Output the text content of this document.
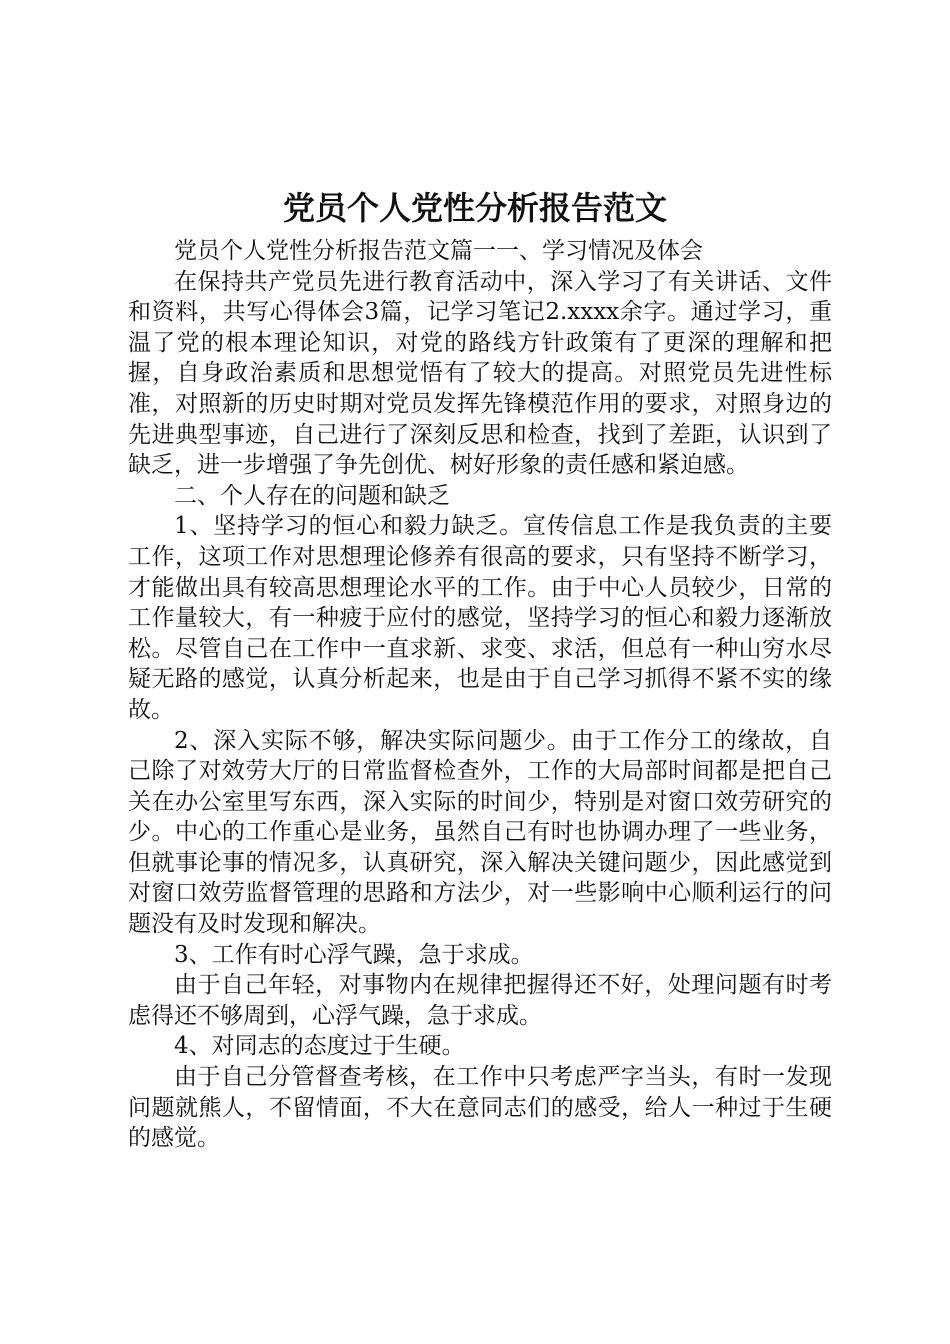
党员个人党性分析报告范文

党员个人党性分析报告范文篇一一、学习情况及体会

在保持共产党员先进行教育活动中，深入学习了有关讲话、文件和资料，共写心得体会3篇，记学习笔记2.xxxx余字。通过学习，重温了党的根本理论知识，对党的路线方针政策有了更深的理解和把握，自身政治素质和思想觉悟有了较大的提高。对照党员先进性标准，对照新的历史时期对党员发挥先锋模范作用的要求，对照身边的先进典型事迹，自己进行了深刻反思和检查，找到了差距，认识到了缺乏，进一步增强了争先创优、树好形象的责任感和紧迫感。

二、个人存在的问题和缺乏

1、坚持学习的恒心和毅力缺乏。宣传信息工作是我负责的主要工作，这项工作对思想理论修养有很高的要求，只有坚持不断学习，才能做出具有较高思想理论水平的工作。由于中心人员较少，日常的工作量较大，有一种疲于应付的感觉，坚持学习的恒心和毅力逐渐放松。尽管自己在工作中一直求新、求变、求活，但总有一种山穷水尽疑无路的感觉，认真分析起来，也是由于自己学习抓得不紧不实的缘故。

2、深入实际不够，解决实际问题少。由于工作分工的缘故，自己除了对效劳大厅的日常监督检查外，工作的大局部时间都是把自己关在办公室里写东西，深入实际的时间少，特别是对窗口效劳研究的少。中心的工作重心是业务，虽然自己有时也协调办理了一些业务，但就事论事的情况多，认真研究，深入解决关键问题少，因此感觉到对窗口效劳监督管理的思路和方法少，对一些影响中心顺利运行的问题没有及时发现和解决。

3、工作有时心浮气躁，急于求成。

由于自己年轻，对事物内在规律把握得还不好，处理问题有时考虑得还不够周到，心浮气躁，急于求成。

4、对同志的态度过于生硬。

由于自己分管督查考核，在工作中只考虑严字当头，有时一发现问题就熊人，不留情面，不大在意同志们的感受，给人一种过于生硬的感觉。
